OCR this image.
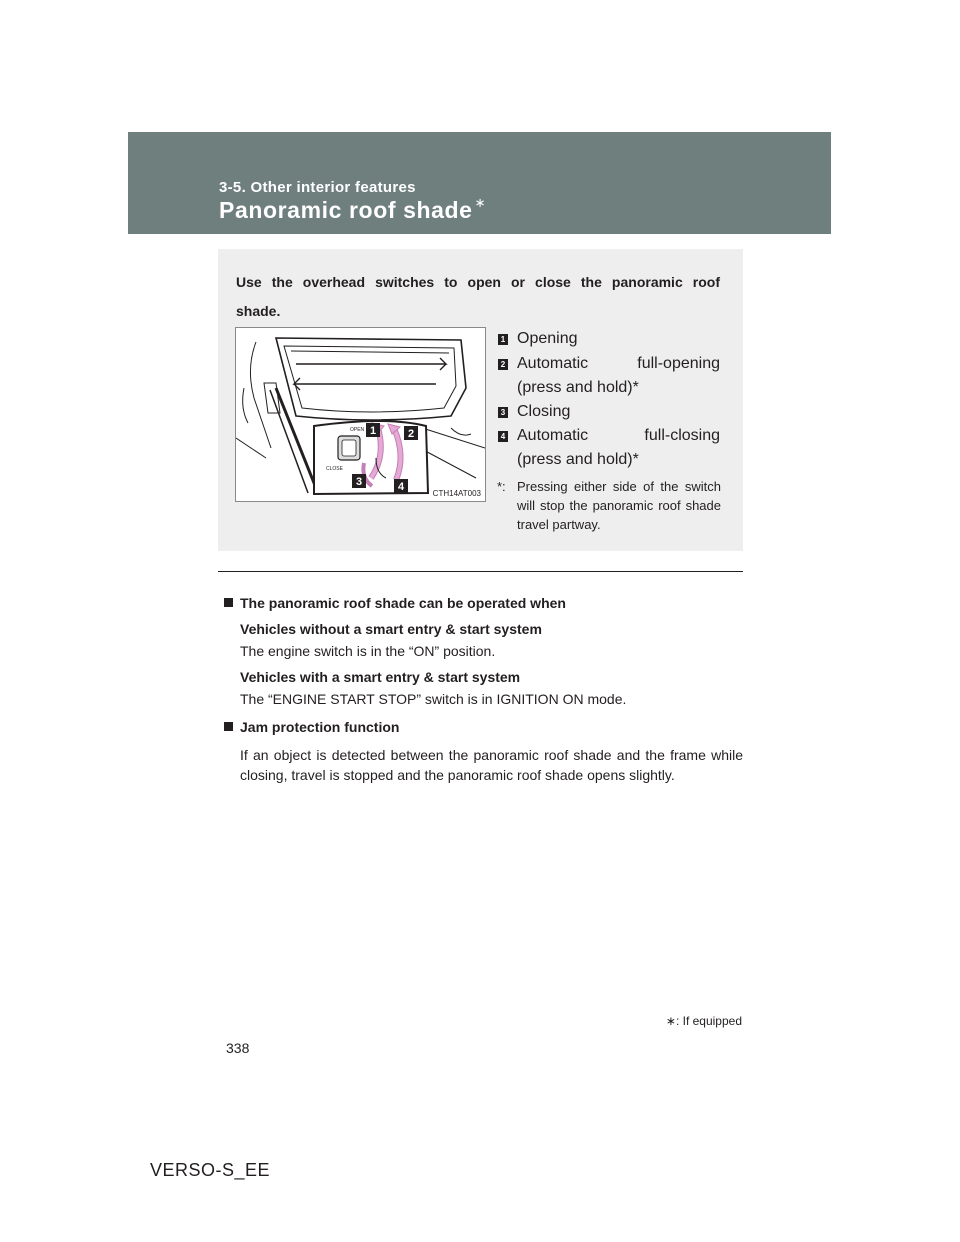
3-5. Other interior features
Panoramic roof shade ∗
Use the overhead switches to open or close the panoramic roof shade.
OPEN
CLOSE
1	2
3	4
CTH14AT003
1 Opening
2 Automatic full-opening
(press and hold)*
3 Closing
4 Automatic full-closing
(press and hold)*
*: Pressing either side of the switch will stop the panoramic roof shade travel partway.
The panoramic roof shade can be operated when
Vehicles without a smart entry & start system
The engine switch is in the “ON” position.
Vehicles with a smart entry & start system
The “ENGINE START STOP” switch is in IGNITION ON mode.
Jam protection function
If an object is detected between the panoramic roof shade and the frame while closing, travel is stopped and the panoramic roof shade opens slightly.
∗: If equipped
338
VERSO-S_EE
